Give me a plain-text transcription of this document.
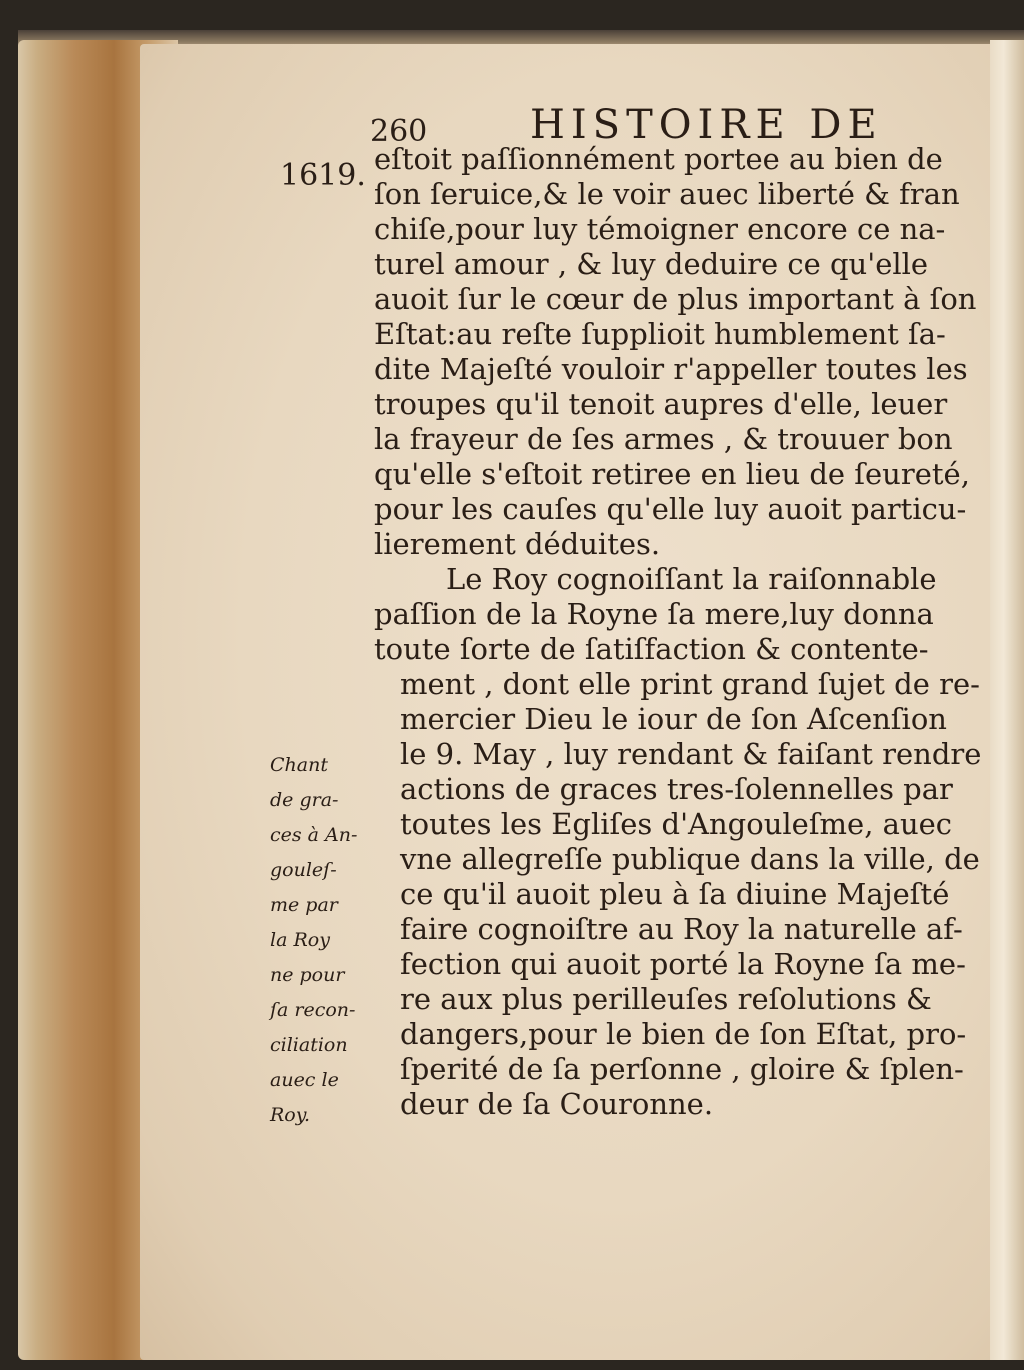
260	HISTOIRE DE
1619. eſtoit paſſionnément portee au bien de
ſon ſeruice,& le voir auec liberté & fran
chiſe,pour luy témoigner encore ce na-
turel amour , & luy deduire ce qu'elle
auoit ſur le cœur de plus important à ſon
Eſtat:au reſte ſupplioit humblement ſa-
dite Majeſté vouloir r'appeller toutes les
troupes qu'il tenoit aupres d'elle, leuer
la frayeur de ſes armes , & trouuer bon
qu'elle s'eſtoit retiree en lieu de ſeureté,
pour les cauſes qu'elle luy auoit particu-
lierement déduites.
Le Roy cognoiſſant la raiſonnable
paſſion de la Royne ſa mere,luy donna
toute ſorte de ſatiſfaction & contente-
ment , dont elle print grand ſujet de re-
mercier Dieu le iour de ſon Aſcenſion
le 9. May , luy rendant & faiſant rendre
actions de graces tres-ſolennelles par
toutes les Egliſes d'Angouleſme, auec
vne allegreſſe publique dans la ville, de
ce qu'il auoit pleu à ſa diuine Majeſté
faire cognoiſtre au Roy la naturelle af-
fection qui auoit porté la Royne ſa me-
re aux plus perilleuſes reſolutions &
dangers,pour le bien de ſon Eſtat, pro-
ſperité de ſa perſonne , gloire & ſplen-
deur de ſa Couronne.
Chant
de gra-
ces à An-
gouleſ-
me par
la Roy
ne pour
ſa recon-
ciliation
auec le
Roy.
